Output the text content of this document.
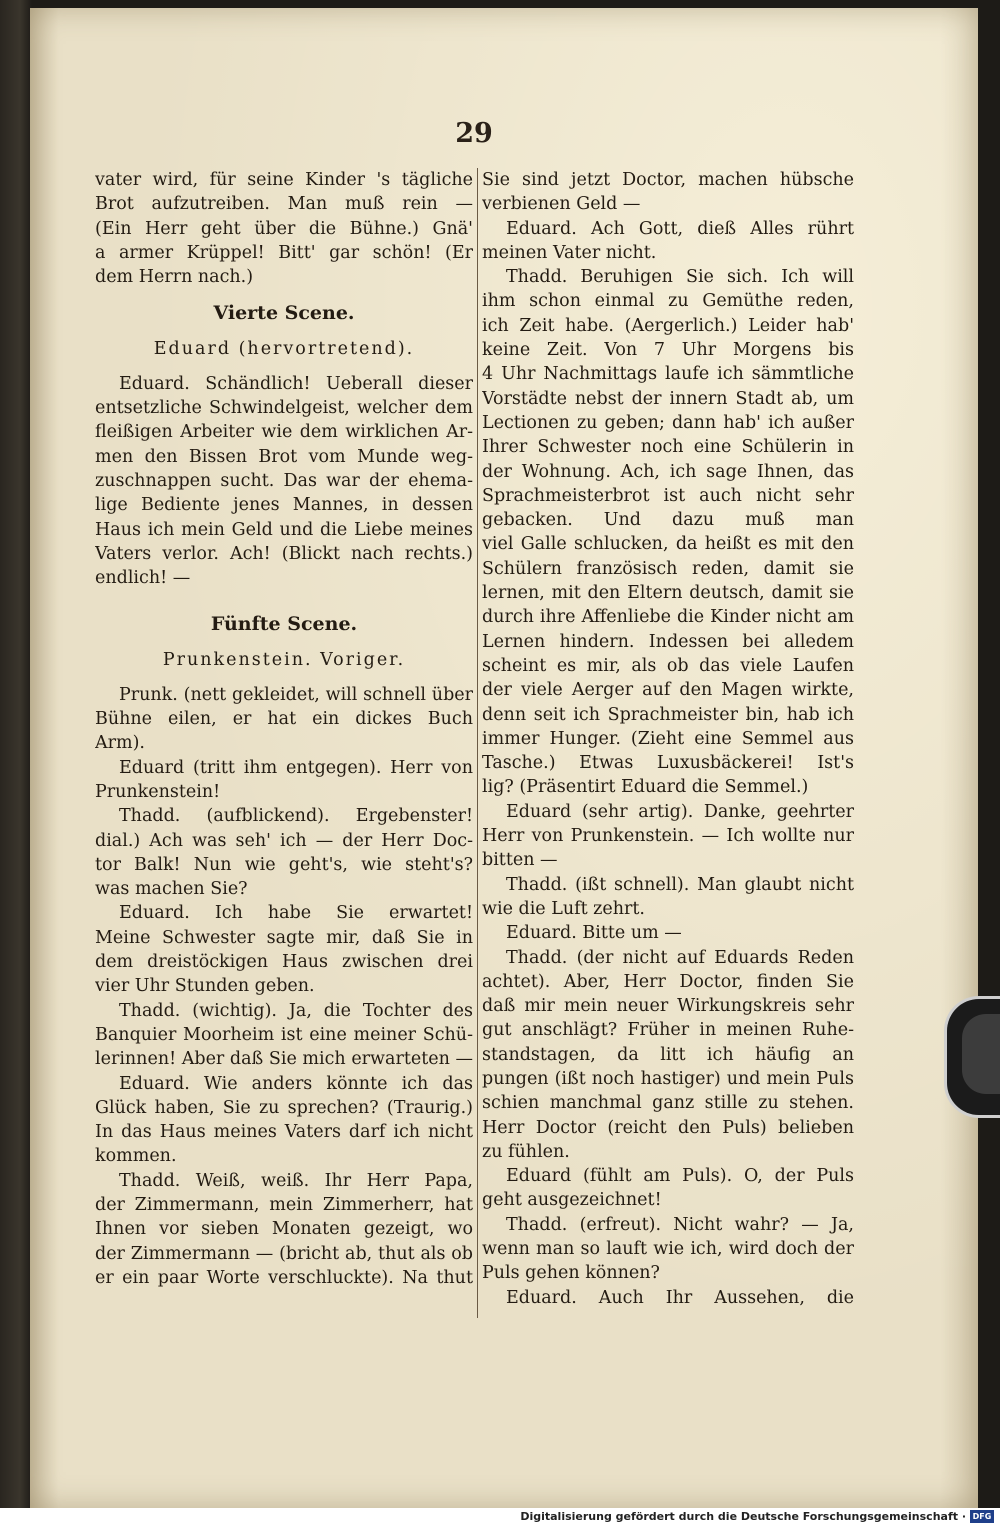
29
vater wird, für seine Kinder 's tägliche
Brot aufzutreiben. Man muß rein —
(Ein Herr geht über die Bühne.) Gnä'
a armer Krüppel! Bitt' gar schön! (Er
dem Herrn nach.)
Vierte Scene.
Eduard (hervortretend).
Eduard. Schändlich! Ueberall dieser
entsetzliche Schwindelgeist, welcher dem
fleißigen Arbeiter wie dem wirklichen Ar-
men den Bissen Brot vom Munde weg-
zuschnappen sucht. Das war der ehema-
lige Bediente jenes Mannes, in dessen
Haus ich mein Geld und die Liebe meines
Vaters verlor. Ach! (Blickt nach rechts.)
endlich! —
Fünfte Scene.
Prunkenstein. Voriger.
Prunk. (nett gekleidet, will schnell über
Bühne eilen, er hat ein dickes Buch
Arm).
Eduard (tritt ihm entgegen). Herr von
Prunkenstein!
Thadd. (aufblickend). Ergebenster!
dial.) Ach was seh' ich — der Herr Doc-
tor Balk! Nun wie geht's, wie steht's?
was machen Sie?
Eduard. Ich habe Sie erwartet!
Meine Schwester sagte mir, daß Sie in
dem dreistöckigen Haus zwischen drei
vier Uhr Stunden geben.
Thadd. (wichtig). Ja, die Tochter des
Banquier Moorheim ist eine meiner Schü-
lerinnen! Aber daß Sie mich erwarteten —
Eduard. Wie anders könnte ich das
Glück haben, Sie zu sprechen? (Traurig.)
In das Haus meines Vaters darf ich nicht
kommen.
Thadd. Weiß, weiß. Ihr Herr Papa,
der Zimmermann, mein Zimmerherr, hat
Ihnen vor sieben Monaten gezeigt, wo
der Zimmermann — (bricht ab, thut als ob
er ein paar Worte verschluckte). Na thut
Sie sind jetzt Doctor, machen hübsche
verbienen Geld —
Eduard. Ach Gott, dieß Alles rührt
meinen Vater nicht.
Thadd. Beruhigen Sie sich. Ich will
ihm schon einmal zu Gemüthe reden,
ich Zeit habe. (Aergerlich.) Leider hab'
keine Zeit. Von 7 Uhr Morgens bis
4 Uhr Nachmittags laufe ich sämmtliche
Vorstädte nebst der innern Stadt ab, um
Lectionen zu geben; dann hab' ich außer
Ihrer Schwester noch eine Schülerin in
der Wohnung. Ach, ich sage Ihnen, das
Sprachmeisterbrot ist auch nicht sehr
gebacken. Und dazu muß man
viel Galle schlucken, da heißt es mit den
Schülern französisch reden, damit sie
lernen, mit den Eltern deutsch, damit sie
durch ihre Affenliebe die Kinder nicht am
Lernen hindern. Indessen bei alledem
scheint es mir, als ob das viele Laufen
der viele Aerger auf den Magen wirkte,
denn seit ich Sprachmeister bin, hab ich
immer Hunger. (Zieht eine Semmel aus
Tasche.) Etwas Luxusbäckerei! Ist's
lig? (Präsentirt Eduard die Semmel.)
Eduard (sehr artig). Danke, geehrter
Herr von Prunkenstein. — Ich wollte nur
bitten —
Thadd. (ißt schnell). Man glaubt nicht
wie die Luft zehrt.
Eduard. Bitte um —
Thadd. (der nicht auf Eduards Reden
achtet). Aber, Herr Doctor, finden Sie
daß mir mein neuer Wirkungskreis sehr
gut anschlägt? Früher in meinen Ruhe-
standstagen, da litt ich häufig an
pungen (ißt noch hastiger) und mein Puls
schien manchmal ganz stille zu stehen.
Herr Doctor (reicht den Puls) belieben
zu fühlen.
Eduard (fühlt am Puls). O, der Puls
geht ausgezeichnet!
Thadd. (erfreut). Nicht wahr? — Ja,
wenn man so lauft wie ich, wird doch der
Puls gehen können?
Eduard. Auch Ihr Aussehen, die
Digitalisierung gefördert durch die Deutsche Forschungsgemeinschaft · DFG
